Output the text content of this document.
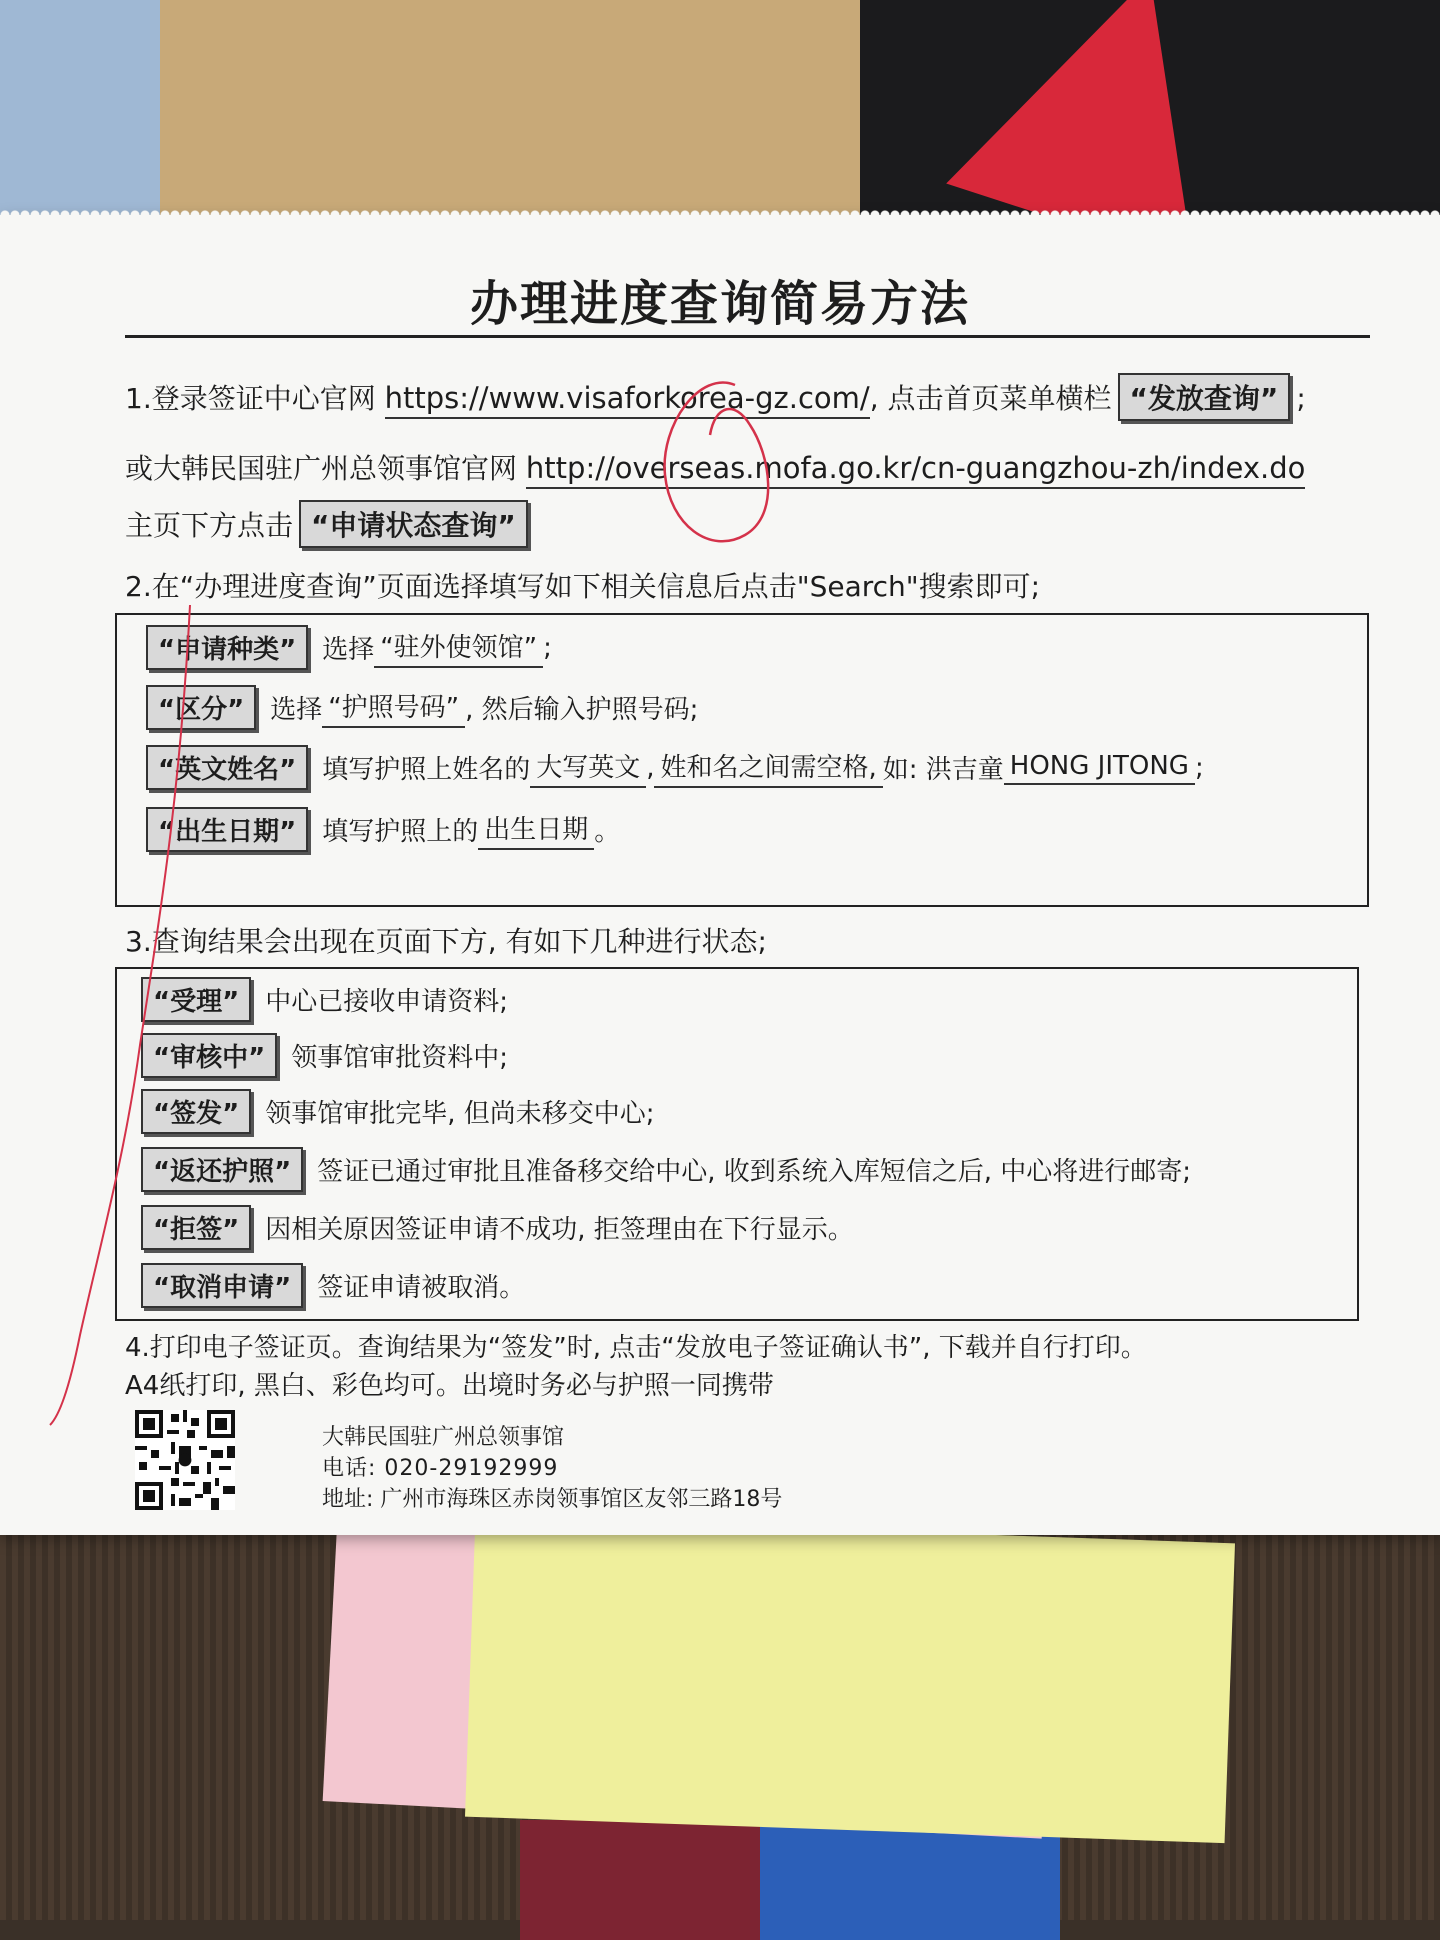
办理进度查询简易方法
1.登录签证中心官网 https://www.visaforkorea-gz.com/, 点击首页菜单横栏 “发放查询” ;
或大韩民国驻广州总领事馆官网 http://overseas.mofa.go.kr/cn-guangzhou-zh/index.do
主页下方点击 “申请状态查询”
2.在“办理进度查询”页面选择填写如下相关信息后点击"Search"搜索即可;
“申请种类”	选择 “驻外使领馆” ;
“区分”	选择 “护照号码” , 然后输入护照号码;
“英文姓名”	填写护照上姓名的 大写英文 , 姓和名之间需空格, 如: 洪吉童 HONG JITONG ;
“出生日期”	填写护照上的 出生日期 。
3.查询结果会出现在页面下方, 有如下几种进行状态;
“受理”	中心已接收申请资料;
“审核中”	领事馆审批资料中;
“签发”	领事馆审批完毕, 但尚未移交中心;
“返还护照”	签证已通过审批且准备移交给中心, 收到系统入库短信之后, 中心将进行邮寄;
“拒签”	因相关原因签证申请不成功, 拒签理由在下行显示。
“取消申请”	签证申请被取消。
4.打印电子签证页。查询结果为“签发”时, 点击“发放电子签证确认书”, 下载并自行打印。
A4纸打印, 黑白、彩色均可。出境时务必与护照一同携带
大韩民国驻广州总领事馆
电话: 020-29192999
地址: 广州市海珠区赤岗领事馆区友邻三路18号
